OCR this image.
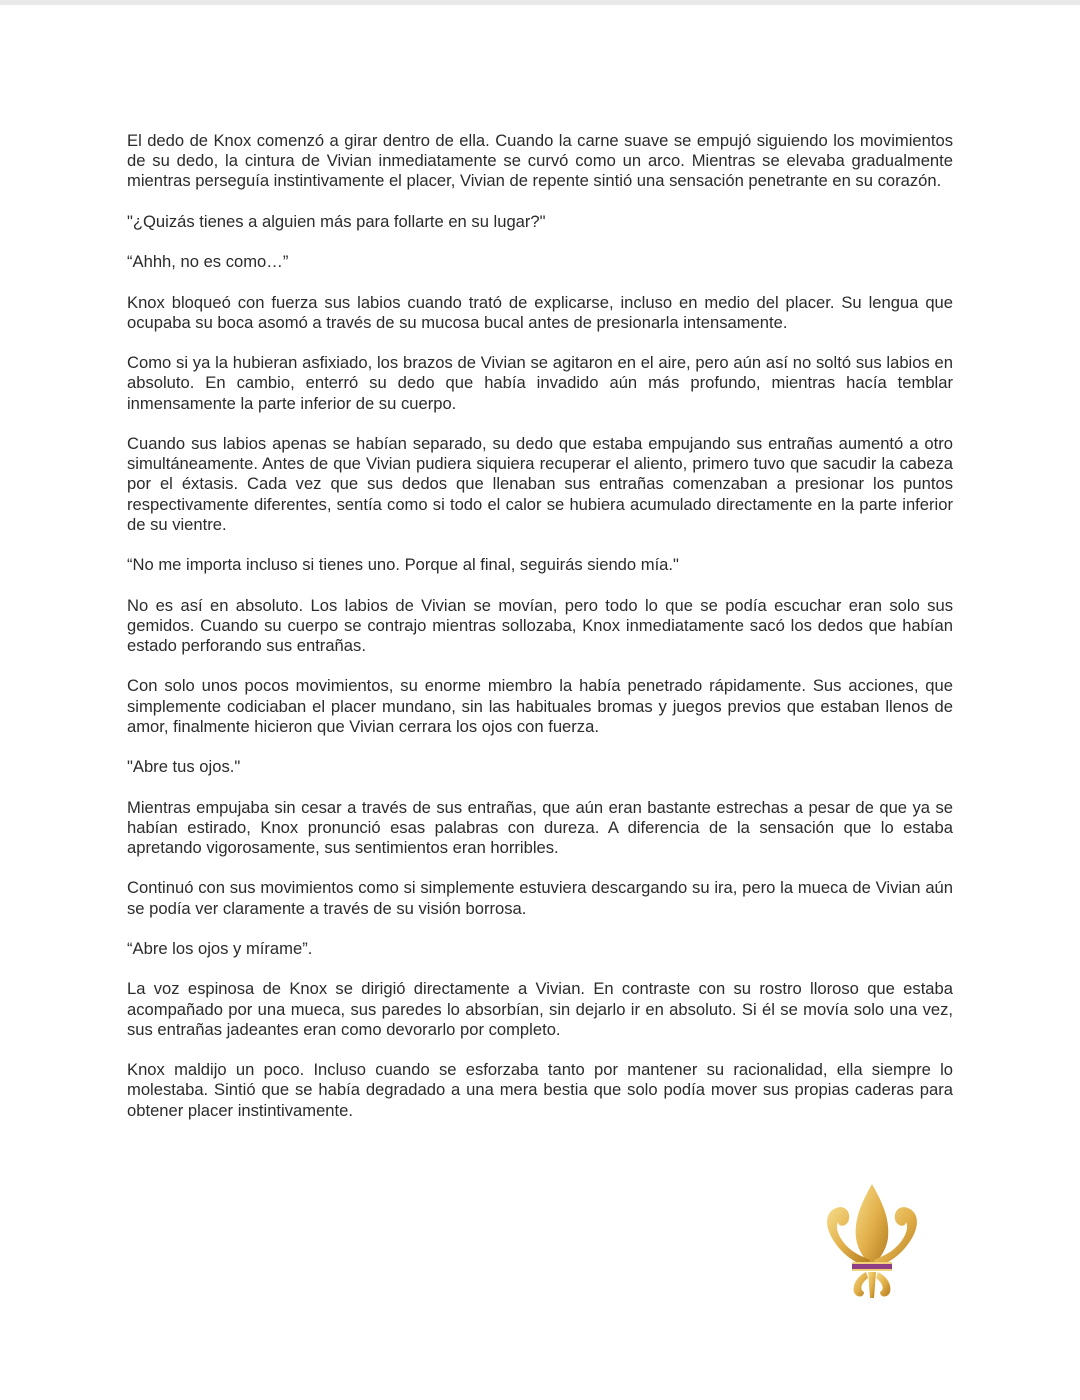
El dedo de Knox comenzó a girar dentro de ella. Cuando la carne suave se empujó siguiendo los movimientos de su dedo, la cintura de Vivian inmediatamente se curvó como un arco. Mientras se elevaba gradualmente mientras perseguía instintivamente el placer, Vivian de repente sintió una sensación penetrante en su corazón.

"¿Quizás tienes a alguien más para follarte en su lugar?"

“Ahhh, no es como…”

Knox bloqueó con fuerza sus labios cuando trató de explicarse, incluso en medio del placer. Su lengua que ocupaba su boca asomó a través de su mucosa bucal antes de presionarla intensamente.

Como si ya la hubieran asfixiado, los brazos de Vivian se agitaron en el aire, pero aún así no soltó sus labios en absoluto. En cambio, enterró su dedo que había invadido aún más profundo, mientras hacía temblar inmensamente la parte inferior de su cuerpo.

Cuando sus labios apenas se habían separado, su dedo que estaba empujando sus entrañas aumentó a otro simultáneamente. Antes de que Vivian pudiera siquiera recuperar el aliento, primero tuvo que sacudir la cabeza por el éxtasis. Cada vez que sus dedos que llenaban sus entrañas comenzaban a presionar los puntos respectivamente diferentes, sentía como si todo el calor se hubiera acumulado directamente en la parte inferior de su vientre.

“No me importa incluso si tienes uno. Porque al final, seguirás siendo mía."

No es así en absoluto. Los labios de Vivian se movían, pero todo lo que se podía escuchar eran solo sus gemidos. Cuando su cuerpo se contrajo mientras sollozaba, Knox inmediatamente sacó los dedos que habían estado perforando sus entrañas.

Con solo unos pocos movimientos, su enorme miembro la había penetrado rápidamente. Sus acciones, que simplemente codiciaban el placer mundano, sin las habituales bromas y juegos previos que estaban llenos de amor, finalmente hicieron que Vivian cerrara los ojos con fuerza.

"Abre tus ojos."

Mientras empujaba sin cesar a través de sus entrañas, que aún eran bastante estrechas a pesar de que ya se habían estirado, Knox pronunció esas palabras con dureza. A diferencia de la sensación que lo estaba apretando vigorosamente, sus sentimientos eran horribles.

Continuó con sus movimientos como si simplemente estuviera descargando su ira, pero la mueca de Vivian aún se podía ver claramente a través de su visión borrosa.

“Abre los ojos y mírame”.

La voz espinosa de Knox se dirigió directamente a Vivian. En contraste con su rostro lloroso que estaba acompañado por una mueca, sus paredes lo absorbían, sin dejarlo ir en absoluto. Si él se movía solo una vez, sus entrañas jadeantes eran como devorarlo por completo.

Knox maldijo un poco. Incluso cuando se esforzaba tanto por mantener su racionalidad, ella siempre lo molestaba. Sintió que se había degradado a una mera bestia que solo podía mover sus propias caderas para obtener placer instintivamente.
